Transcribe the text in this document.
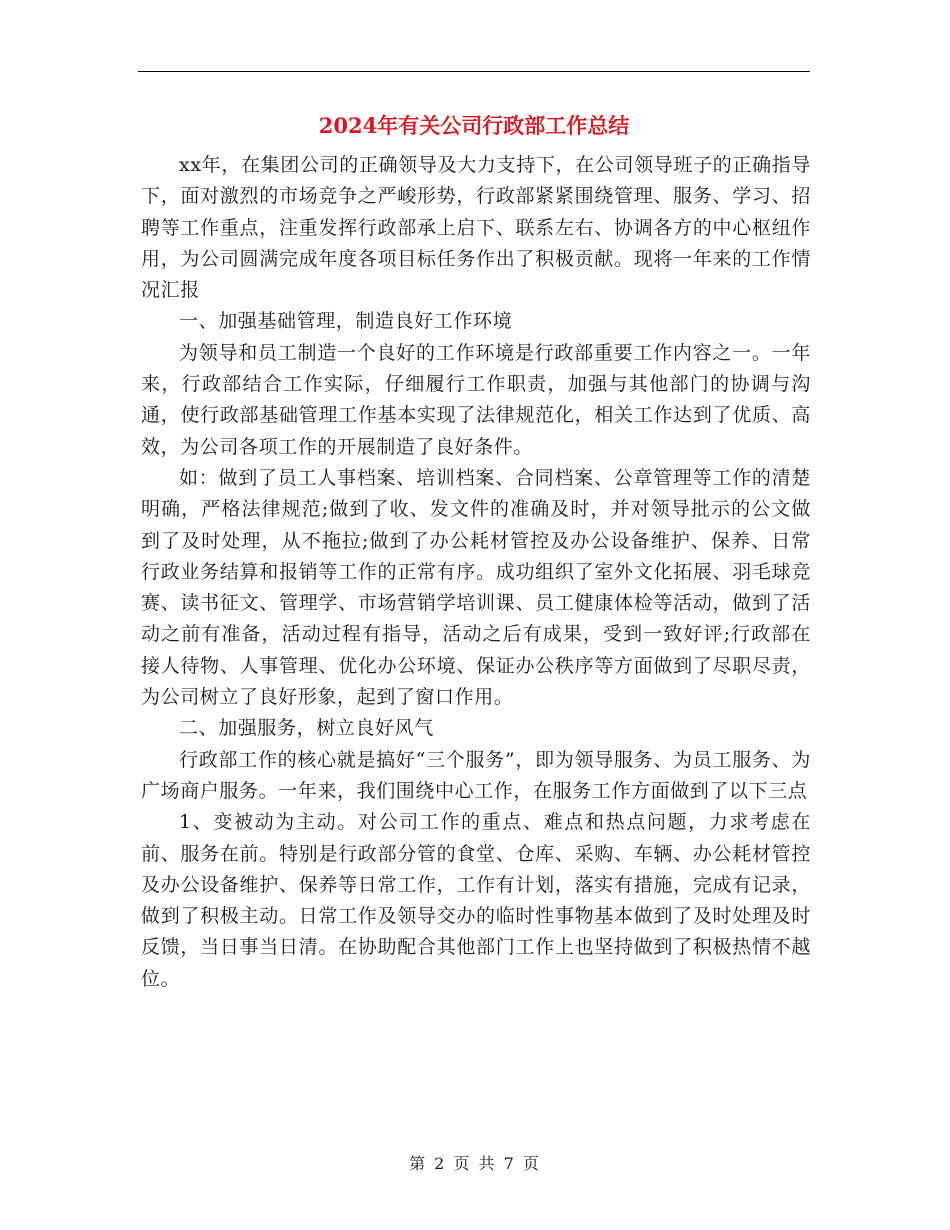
2024年有关公司行政部工作总结

xx年，在集团公司的正确领导及大力支持下，在公司领导班子的正确指导下，面对激烈的市场竞争之严峻形势，行政部紧紧围绕管理、服务、学习、招聘等工作重点，注重发挥行政部承上启下、联系左右、协调各方的中心枢纽作用，为公司圆满完成年度各项目标任务作出了积极贡献。现将一年来的工作情况汇报

一、加强基础管理，制造良好工作环境

为领导和员工制造一个良好的工作环境是行政部重要工作内容之一。一年来，行政部结合工作实际，仔细履行工作职责，加强与其他部门的协调与沟通，使行政部基础管理工作基本实现了法律规范化，相关工作达到了优质、高效，为公司各项工作的开展制造了良好条件。

如：做到了员工人事档案、培训档案、合同档案、公章管理等工作的清楚明确，严格法律规范;做到了收、发文件的准确及时，并对领导批示的公文做到了及时处理，从不拖拉;做到了办公耗材管控及办公设备维护、保养、日常行政业务结算和报销等工作的正常有序。成功组织了室外文化拓展、羽毛球竞赛、读书征文、管理学、市场营销学培训课、员工健康体检等活动，做到了活动之前有准备，活动过程有指导，活动之后有成果，受到一致好评;行政部在接人待物、人事管理、优化办公环境、保证办公秩序等方面做到了尽职尽责，为公司树立了良好形象，起到了窗口作用。

二、加强服务，树立良好风气

行政部工作的核心就是搞好“三个服务”，即为领导服务、为员工服务、为广场商户服务。一年来，我们围绕中心工作，在服务工作方面做到了以下三点

1、变被动为主动。对公司工作的重点、难点和热点问题，力求考虑在前、服务在前。特别是行政部分管的食堂、仓库、采购、车辆、办公耗材管控及办公设备维护、保养等日常工作，工作有计划，落实有措施，完成有记录，做到了积极主动。日常工作及领导交办的临时性事物基本做到了及时处理及时反馈，当日事当日清。在协助配合其他部门工作上也坚持做到了积极热情不越位。

第 2 页 共 7 页
